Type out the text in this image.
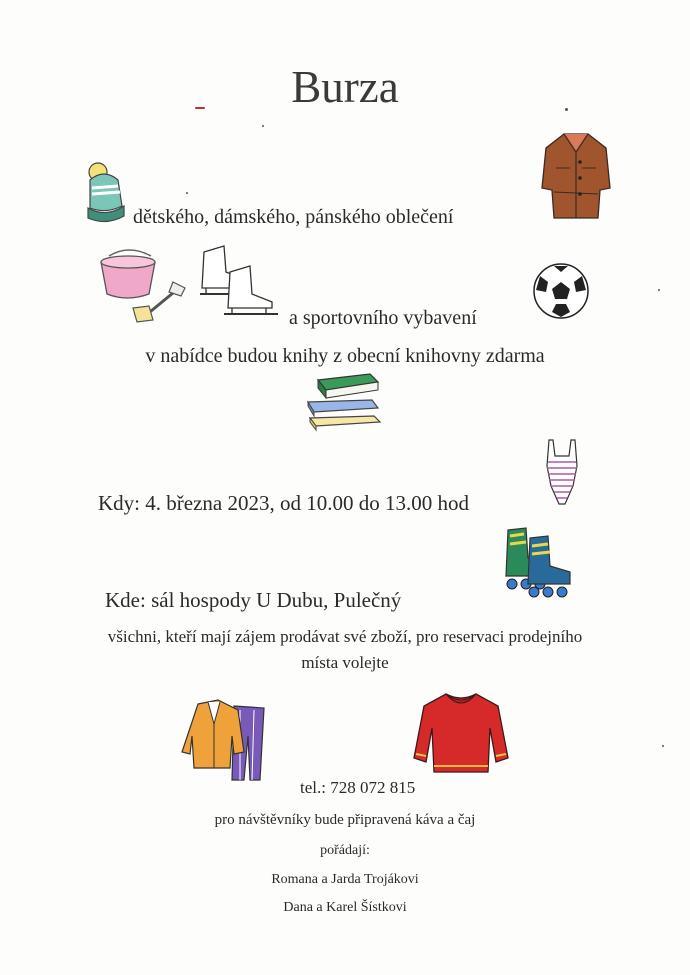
Burza
dětského, dámského, pánského oblečení
a sportovního vybavení
v nabídce budou knihy z obecní knihovny zdarma
Kdy: 4. března 2023, od 10.00 do 13.00 hod
Kde: sál hospody U Dubu, Pulečný
všichni, kteří mají zájem prodávat své zboží, pro reservaci prodejního
místa volejte
tel.: 728 072 815
pro návštěvníky bude připravená káva a čaj
pořádají:
Romana a Jarda Trojákovi
Dana a Karel Šístkovi
